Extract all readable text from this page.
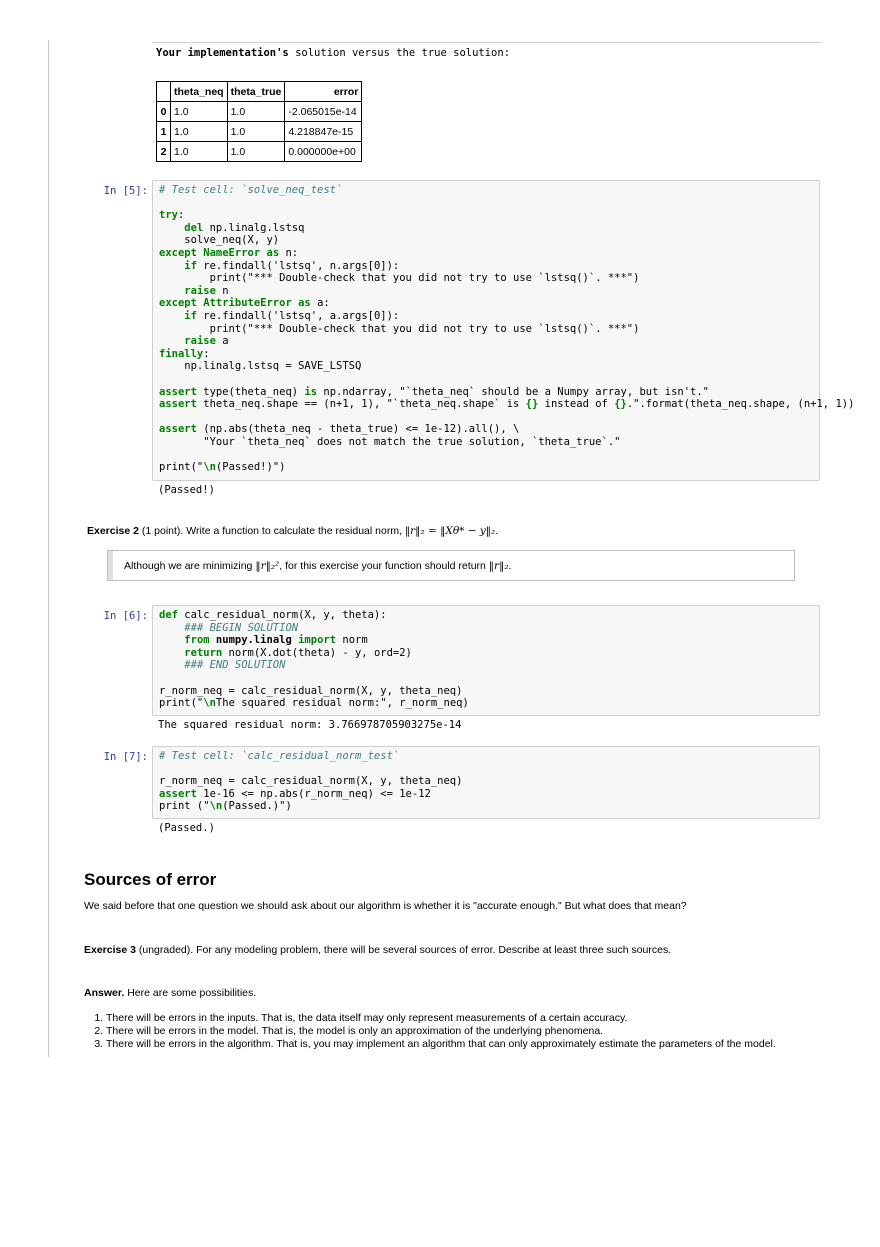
Your implementation's solution versus the true solution:
	theta_neq	theta_true	error
0	1.0	1.0	-2.065015e-14
1	1.0	1.0	4.218847e-15
2	1.0	1.0	0.000000e+00
In [5]: # Test cell: `solve_neq_test`

try:
del np.linalg.lstsq
solve_neq(X, y)
except NameError as n:
if re.findall('lstsq', n.args[0]):
print("*** Double-check that you did not try to use `lstsq()`. ***")
raise n
except AttributeError as a:
if re.findall('lstsq', a.args[0]):
print("*** Double-check that you did not try to use `lstsq()`. ***")
raise a
finally:
np.linalg.lstsq = SAVE_LSTSQ

assert type(theta_neq) is np.ndarray, "`theta_neq` should be a Numpy array, but isn't."
assert theta_neq.shape == (n+1, 1), "`theta_neq.shape` is {} instead of {}.".format(theta_neq.shape, (n+1, 1))

assert (np.abs(theta_neq - theta_true) <= 1e-12).all(), \
"Your `theta_neq` does not match the true solution, `theta_true`."

print("\n(Passed!)")
(Passed!)
Exercise 2 (1 point). Write a function to calculate the residual norm, ‖r‖₂ = ‖Xθ* − y‖₂.
Although we are minimizing ‖r‖₂², for this exercise your function should return ‖r‖₂.
In [6]: def calc_residual_norm(X, y, theta):
### BEGIN SOLUTION
from numpy.linalg import norm
return norm(X.dot(theta) - y, ord=2)
### END SOLUTION

r_norm_neq = calc_residual_norm(X, y, theta_neq)
print("\nThe squared residual norm:", r_norm_neq)
The squared residual norm: 3.766978705903275e-14
In [7]: # Test cell: `calc_residual_norm_test`

r_norm_neq = calc_residual_norm(X, y, theta_neq)
assert 1e-16 <= np.abs(r_norm_neq) <= 1e-12
print ("\n(Passed.)")
(Passed.)
Sources of error
We said before that one question we should ask about our algorithm is whether it is "accurate enough." But what does that mean?
Exercise 3 (ungraded). For any modeling problem, there will be several sources of error. Describe at least three such sources.
Answer. Here are some possibilities.
1. There will be errors in the inputs. That is, the data itself may only represent measurements of a certain accuracy.
2. There will be errors in the model. That is, the model is only an approximation of the underlying phenomena.
3. There will be errors in the algorithm. That is, you may implement an algorithm that can only approximately estimate the parameters of the model.
